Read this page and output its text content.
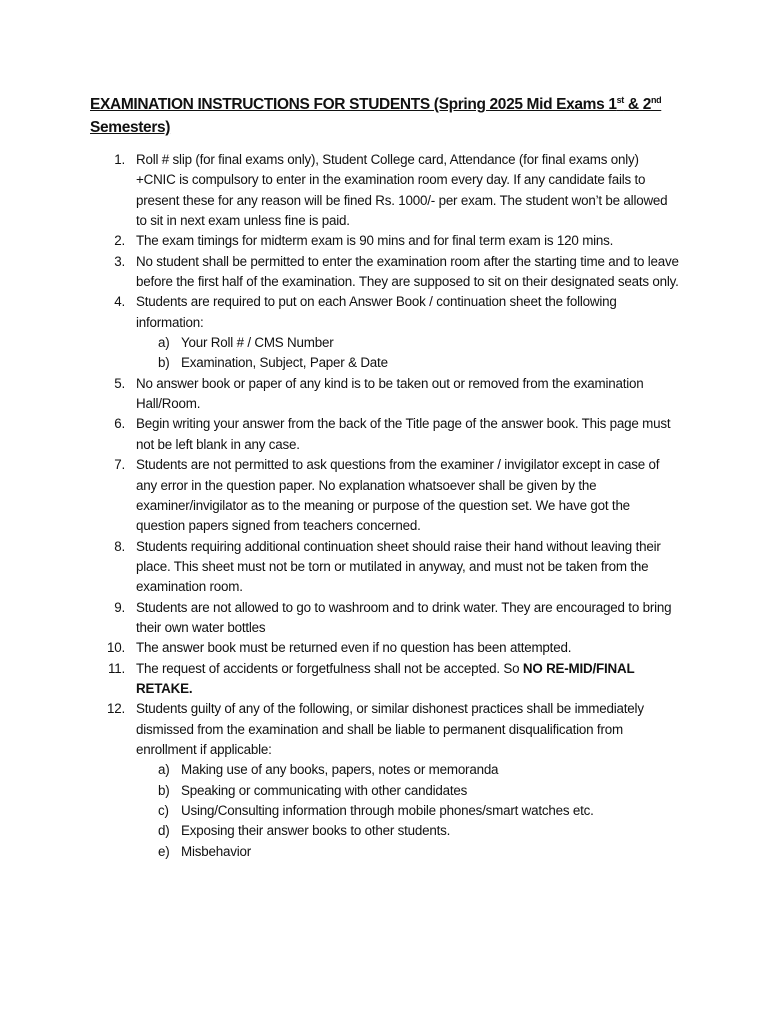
EXAMINATION INSTRUCTIONS FOR STUDENTS (Spring 2025 Mid Exams 1st & 2nd Semesters)
1. Roll # slip (for final exams only), Student College card, Attendance (for final exams only) +CNIC is compulsory to enter in the examination room every day. If any candidate fails to present these for any reason will be fined Rs. 1000/- per exam. The student won’t be allowed to sit in next exam unless fine is paid.
2. The exam timings for midterm exam is 90 mins and for final term exam is 120 mins.
3. No student shall be permitted to enter the examination room after the starting time and to leave before the first half of the examination. They are supposed to sit on their designated seats only.
4. Students are required to put on each Answer Book / continuation sheet the following information:
a) Your Roll # / CMS Number
b) Examination, Subject, Paper & Date
5. No answer book or paper of any kind is to be taken out or removed from the examination Hall/Room.
6. Begin writing your answer from the back of the Title page of the answer book. This page must not be left blank in any case.
7. Students are not permitted to ask questions from the examiner / invigilator except in case of any error in the question paper. No explanation whatsoever shall be given by the examiner/invigilator as to the meaning or purpose of the question set. We have got the question papers signed from teachers concerned.
8. Students requiring additional continuation sheet should raise their hand without leaving their place. This sheet must not be torn or mutilated in anyway, and must not be taken from the examination room.
9. Students are not allowed to go to washroom and to drink water. They are encouraged to bring their own water bottles
10. The answer book must be returned even if no question has been attempted.
11. The request of accidents or forgetfulness shall not be accepted. So NO RE-MID/FINAL RETAKE.
12. Students guilty of any of the following, or similar dishonest practices shall be immediately dismissed from the examination and shall be liable to permanent disqualification from enrollment if applicable:
a) Making use of any books, papers, notes or memoranda
b) Speaking or communicating with other candidates
c) Using/Consulting information through mobile phones/smart watches etc.
d) Exposing their answer books to other students.
e) Misbehavior
